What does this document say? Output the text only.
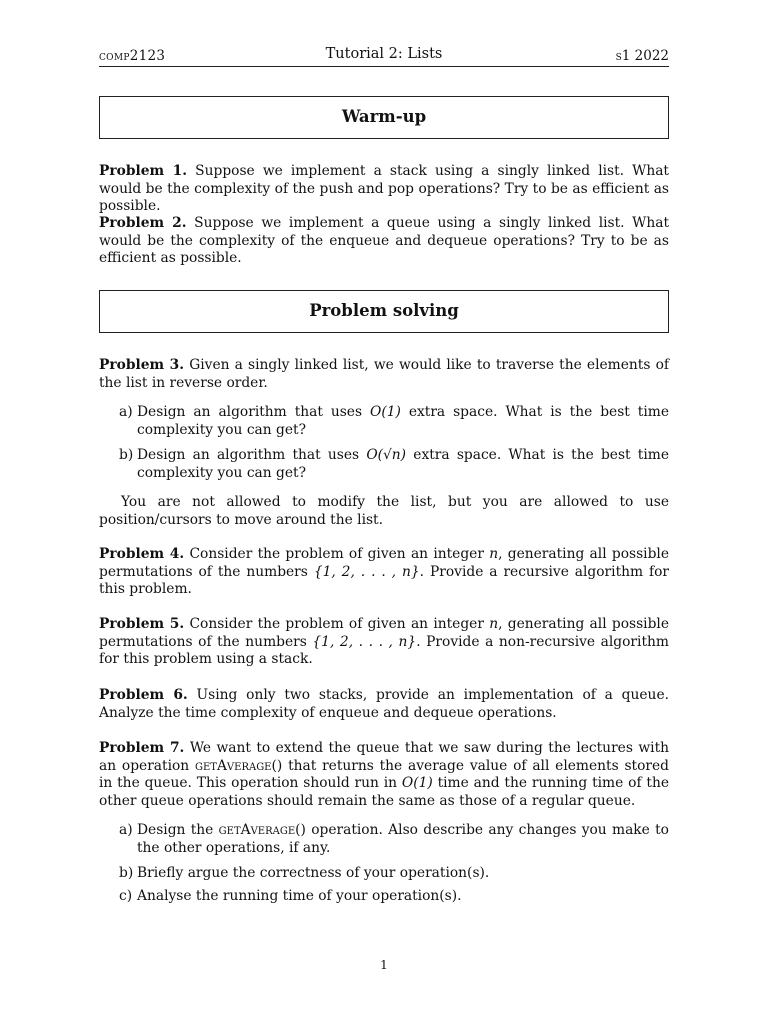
comp2123	Tutorial 2: Lists	s1 2022
Warm-up
Problem 1. Suppose we implement a stack using a singly linked list. What would be the complexity of the push and pop operations? Try to be as efficient as possible.
Problem 2. Suppose we implement a queue using a singly linked list. What would be the complexity of the enqueue and dequeue operations? Try to be as efficient as possible.
Problem solving
Problem 3. Given a singly linked list, we would like to traverse the elements of the list in reverse order.
a) Design an algorithm that uses O(1) extra space. What is the best time complexity you can get?
b) Design an algorithm that uses O(√n) extra space. What is the best time complexity you can get?
You are not allowed to modify the list, but you are allowed to use position/cursors to move around the list.
Problem 4. Consider the problem of given an integer n, generating all possible permutations of the numbers {1, 2, . . . , n}. Provide a recursive algorithm for this problem.
Problem 5. Consider the problem of given an integer n, generating all possible permutations of the numbers {1, 2, . . . , n}. Provide a non-recursive algorithm for this problem using a stack.
Problem 6. Using only two stacks, provide an implementation of a queue. Analyze the time complexity of enqueue and dequeue operations.
Problem 7. We want to extend the queue that we saw during the lectures with an operation getAverage() that returns the average value of all elements stored in the queue. This operation should run in O(1) time and the running time of the other queue operations should remain the same as those of a regular queue.
a) Design the getAverage() operation. Also describe any changes you make to the other operations, if any.
b) Briefly argue the correctness of your operation(s).
c) Analyse the running time of your operation(s).
1
